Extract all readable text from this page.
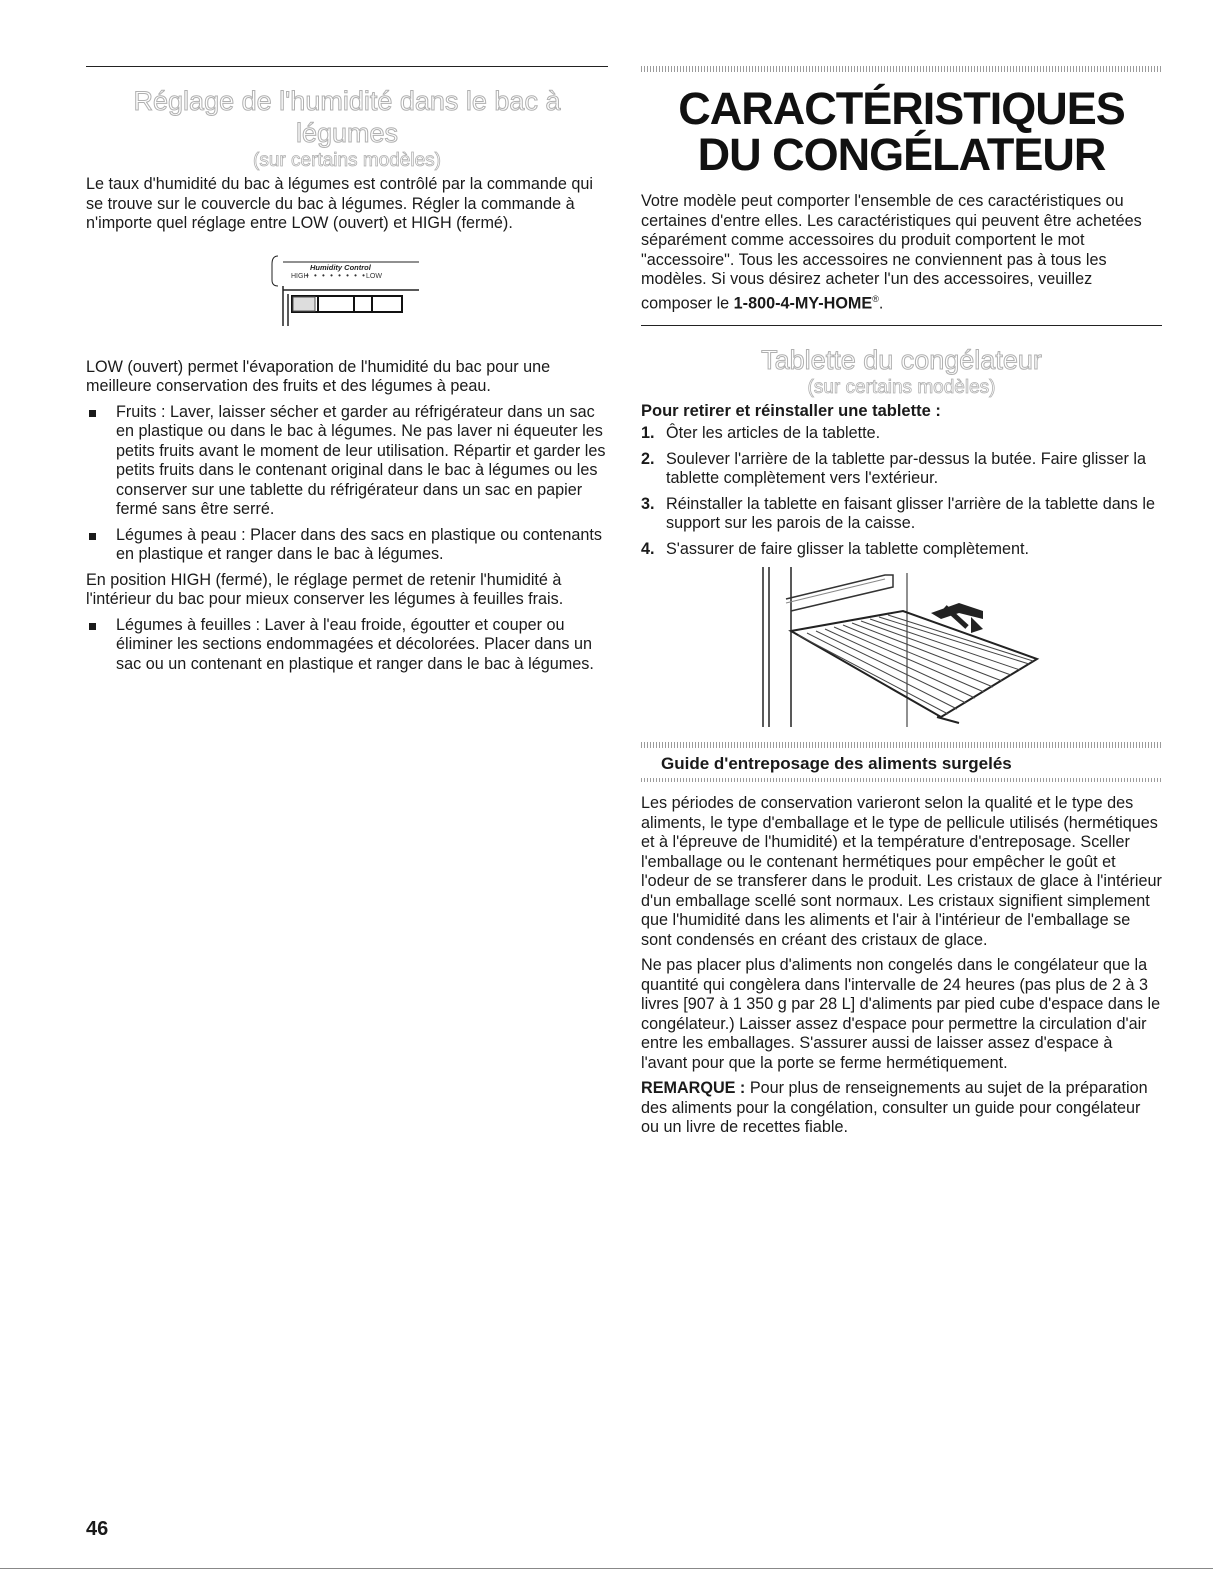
Réglage de l'humidité dans le bac à légumes
(sur certains modèles)

Le taux d'humidité du bac à légumes est contrôlé par la commande qui se trouve sur le couvercle du bac à légumes. Régler la commande à n'importe quel réglage entre LOW (ouvert) et HIGH (fermé).

HIGH
• • • • • • • • LOW
Humidity Control

LOW (ouvert) permet l'évaporation de l'humidité du bac pour une meilleure conservation des fruits et des légumes à peau.

Fruits : Laver, laisser sécher et garder au réfrigérateur dans un sac en plastique ou dans le bac à légumes. Ne pas laver ni équeuter les petits fruits avant le moment de leur utilisation. Répartir et garder les petits fruits dans le contenant original dans le bac à légumes ou les conserver sur une tablette du réfrigérateur dans un sac en papier fermé sans être serré.
Légumes à peau : Placer dans des sacs en plastique ou contenants en plastique et ranger dans le bac à légumes.

En position HIGH (fermé), le réglage permet de retenir l'humidité à l'intérieur du bac pour mieux conserver les légumes à feuilles frais.

Légumes à feuilles : Laver à l'eau froide, égoutter et couper ou éliminer les sections endommagées et décolorées. Placer dans un sac ou un contenant en plastique et ranger dans le bac à légumes.
CARACTÉRISTIQUES DU CONGÉLATEUR

Votre modèle peut comporter l'ensemble de ces caractéristiques ou certaines d'entre elles. Les caractéristiques qui peuvent être achetées séparément comme accessoires du produit comportent le mot "accessoire". Tous les accessoires ne conviennent pas à tous les modèles. Si vous désirez acheter l'un des accessoires, veuillez composer le 1-800-4-MY-HOME®.

Tablette du congélateur
(sur certains modèles)
Pour retirer et réinstaller une tablette :
1. Ôter les articles de la tablette.
2. Soulever l'arrière de la tablette par-dessus la butée. Faire glisser la tablette complètement vers l'extérieur.
3. Réinstaller la tablette en faisant glisser l'arrière de la tablette dans le support sur les parois de la caisse.
4. S'assurer de faire glisser la tablette complètement.
Guide d'entreposage des aliments surgelés

Les périodes de conservation varieront selon la qualité et le type des aliments, le type d'emballage et le type de pellicule utilisés (hermétiques et à l'épreuve de l'humidité) et la température d'entreposage. Sceller l'emballage ou le contenant hermétiques pour empêcher le goût et l'odeur de se transferer dans le produit. Les cristaux de glace à l'intérieur d'un emballage scellé sont normaux. Les cristaux signifient simplement que l'humidité dans les aliments et l'air à l'intérieur de l'emballage se sont condensés en créant des cristaux de glace.

Ne pas placer plus d'aliments non congelés dans le congélateur que la quantité qui congèlera dans l'intervalle de 24 heures (pas plus de 2 à 3 livres [907 à 1 350 g par 28 L] d'aliments par pied cube d'espace dans le congélateur.) Laisser assez d'espace pour permettre la circulation d'air entre les emballages. S'assurer aussi de laisser assez d'espace à l'avant pour que la porte se ferme hermétiquement.

REMARQUE : Pour plus de renseignements au sujet de la préparation des aliments pour la congélation, consulter un guide pour congélateur ou un livre de recettes fiable.

46
